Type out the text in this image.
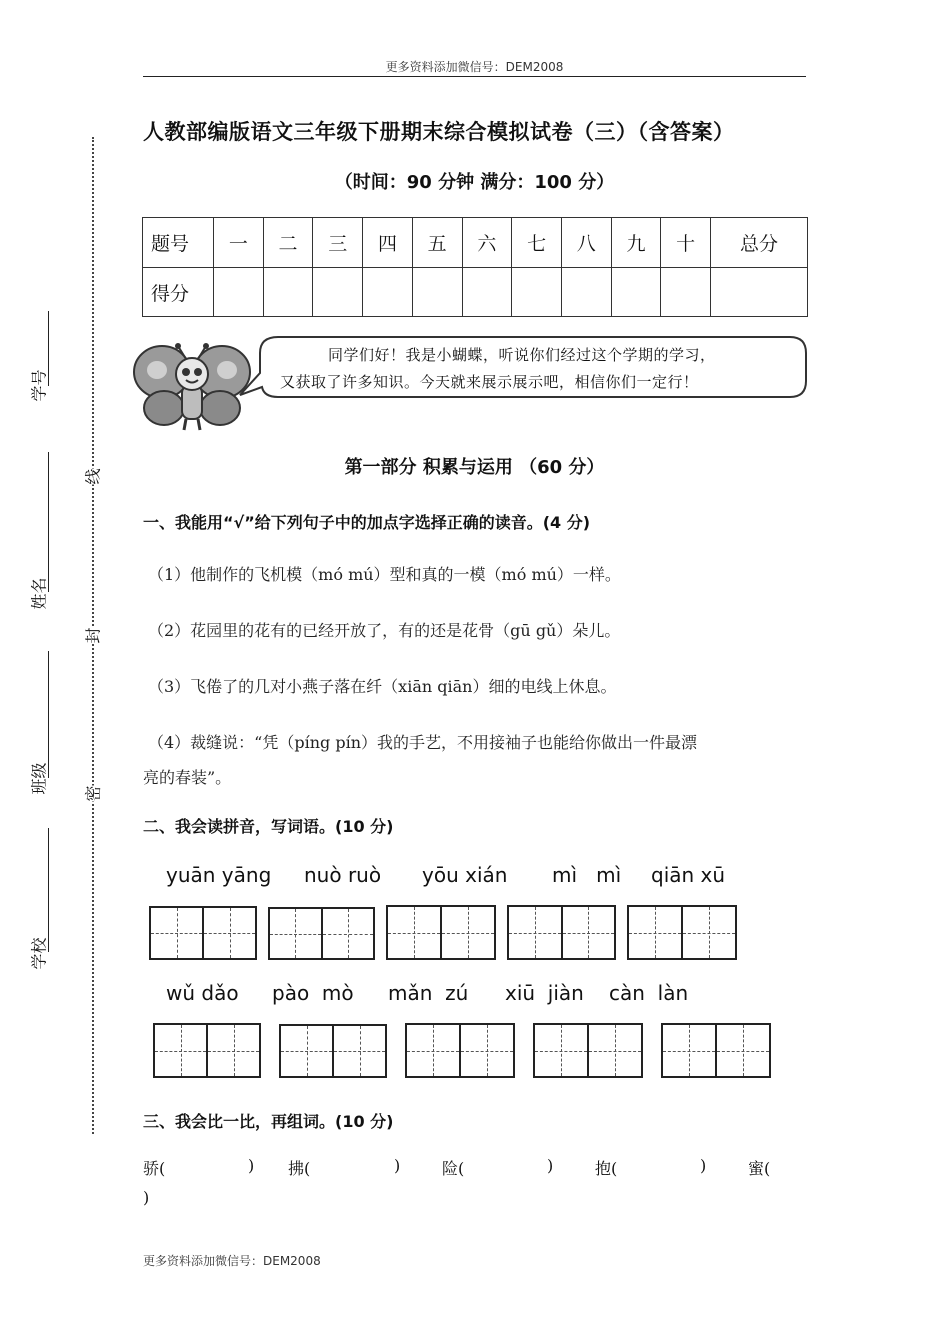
更多资料添加微信号：DEM2008
学号
姓名
班级
学校
线
封
密
人教部编版语文三年级下册期末综合模拟试卷（三）（含答案）
（时间：90 分钟 满分：100 分）
题号	一	二	三	四	五	六	七	八	九	十	总分
得分											
同学们好！我是小蝴蝶，听说你们经过这个学期的学习，
又获取了许多知识。今天就来展示展示吧，相信你们一定行！
第一部分 积累与运用 （60 分）
一、我能用“√”给下列句子中的加点字选择正确的读音。(4 分)
（1）他制作的飞机模（mó mú）型和真的一模（mó mú）一样。
（2）花园里的花有的已经开放了，有的还是花骨（gū gǔ）朵儿。
（3）飞倦了的几对小燕子落在纤（xiān qiān）细的电线上休息。
（4）裁缝说：“凭（píng pín）我的手艺，不用接袖子也能给你做出一件最漂
亮的春装”。
二、我会读拼音，写词语。(10 分)
yuān yāng nuò ruò yōu xián mì   mì qiān xū
wǔ dǎo pào  mò mǎn  zú xiū  jiàn càn  làn
三、我会比一比，再组词。(10 分)
骄(	) 拂(	)	险(	)	抱(	)	蜜(
)
更多资料添加微信号：DEM2008
